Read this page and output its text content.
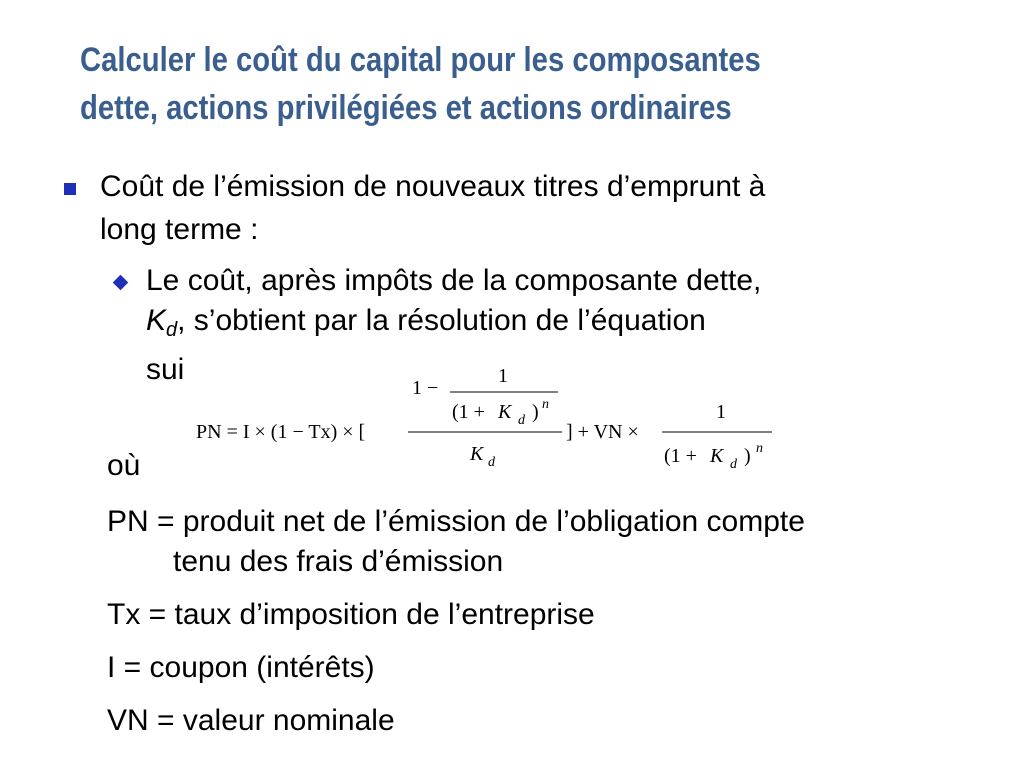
Calculer le coût du capital pour les composantes
dette, actions privilégiées et actions ordinaires
Coût de l’émission de nouveaux titres d’emprunt à
long terme :
Le coût, après impôts de la composante dette,
$K_d$, s’obtient par la résolution de l’équation
sui
1 −
1
(1 + K d ) n
PN = I × (1 − Tx) × [
K d
] + VN ×
1
(1 + K d ) n
où
PN = produit net de l’émission de l’obligation compte
tenu des frais d’émission
Tx = taux d’imposition de l’entreprise
I = coupon (intérêts)
VN = valeur nominale
